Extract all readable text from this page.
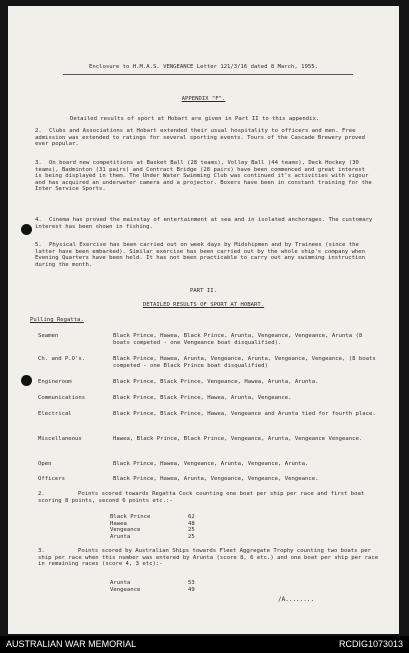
Enclosure to H.M.A.S. VENGEANCE Letter 121/3/16 dated 8 March, 1955.
APPENDIX "F".
Detailed results of sport at Hobart are given in Part II to this appendix.
2. Clubs and Associations at Hobart extended their usual hospitality to officers and men. Free admission was extended to ratings for several sporting events. Tours of the Cascade Brewery proved ever popular.
3. On board new competitions at Basket Ball (28 teams), Volley Ball (44 teams), Deck Hockey (30 teams), Badminton (31 pairs) and Contract Bridge (28 pairs) have been commenced and great interest is being displayed in them. The Under Water Swimming Club was continued it's activities with vigour and has acquired an underwater camera and a projector. Boxers have been in constant training for the Inter Service Sports.
4. Cinema has proved the mainstay of entertainment at sea and in isolated anchorages. The customary interest has been shown in fishing.
5. Physical Exercise has been carried out on week days by Midshipmen and by Trainees (since the latter have been embarked). Similar exercise has been carried out by the whole ship's company when Evening Quarters have been held. It has not been practicable to carry out any swimming instruction during the month.
PART II.
DETAILED RESULTS OF SPORT AT HOBART.
Pulling Regatta.
Seamen	Black Prince, Hawea, Black Prince, Arunta, Vengeance, Vengeance, Arunta (8 boats competed - one Vengeance boat disqualified).
Ch. and P.O's.	Black Prince, Hawea, Arunta, Vengeance, Arunta, Vengeance, Vengeance, (8 boats competed - one Black Prince boat disqualified)
Engineroom	Black Prince, Black Prince, Vengeance, Hawea, Arunta, Arunta.
Communications	Black Prince, Black Prince, Hawea, Arunta, Vengeance.
Electrical	Black Prince, Black Prince, Hawea, Vengeance and Arunta tied for fourth place.
Miscellaneous	Hawea, Black Prince, Black Prince, Vengeance, Arunta, Vengeance Vengeance.
Open	Black Prince, Hawea, Vengeance, Arunta, Vengeance, Arunta.
Officers	Black Prince, Hawea, Arunta, Vengeance, Vengeance, Vengeance.
2.	Points scored towards Regatta Cock counting one boat per ship per race and first boat scoring 8 points, second 6 points etc.:-
Black Prince	62
Hawea	48
Vengeance	25
Arunta	25
3.	Points scored by Australian Ships towards Fleet Aggregate Trophy counting two boats per ship per race when this number was entered by Arunta (score 8, 6 etc.) and one boat per ship per race in remaining races (score 4, 3 etc):-
Arunta	53
Vengeance	49
/A........
AUSTRALIAN WAR MEMORIAL	RCDIG1073013
